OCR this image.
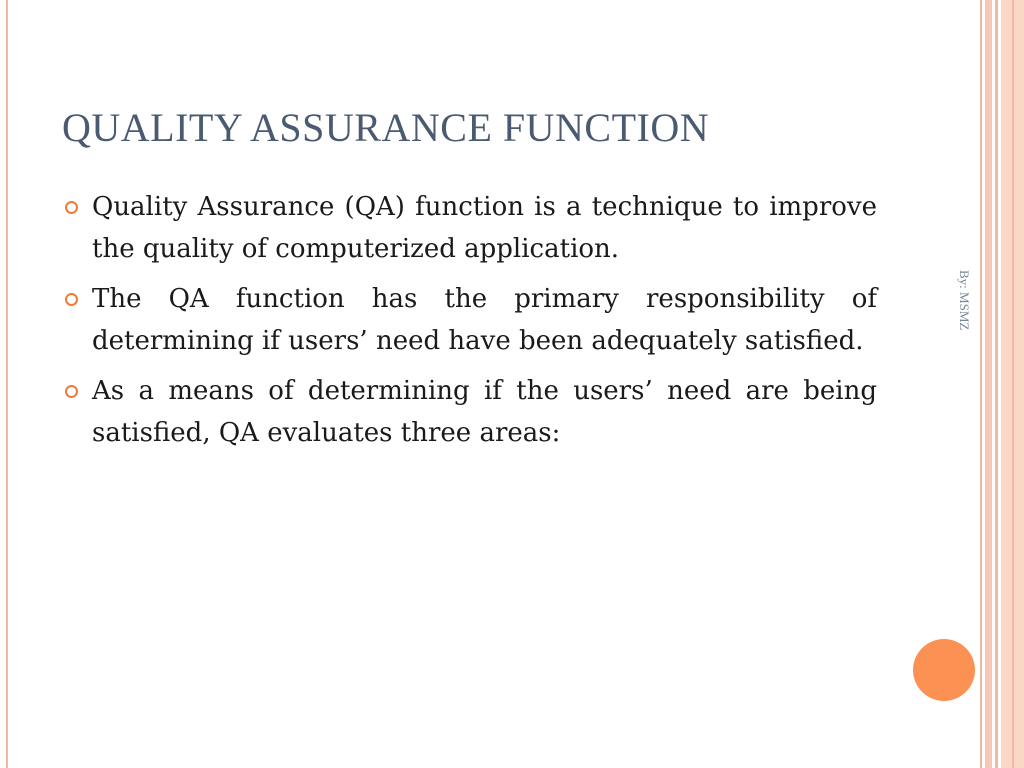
QUALITY ASSURANCE FUNCTION
Quality Assurance (QA) function is a technique to improve the quality of computerized application.
The QA function has the primary responsibility of determining if users’ need have been adequately satisfied.
As a means of determining if the users’ need are being satisfied, QA evaluates three areas:
By: MSMZ
